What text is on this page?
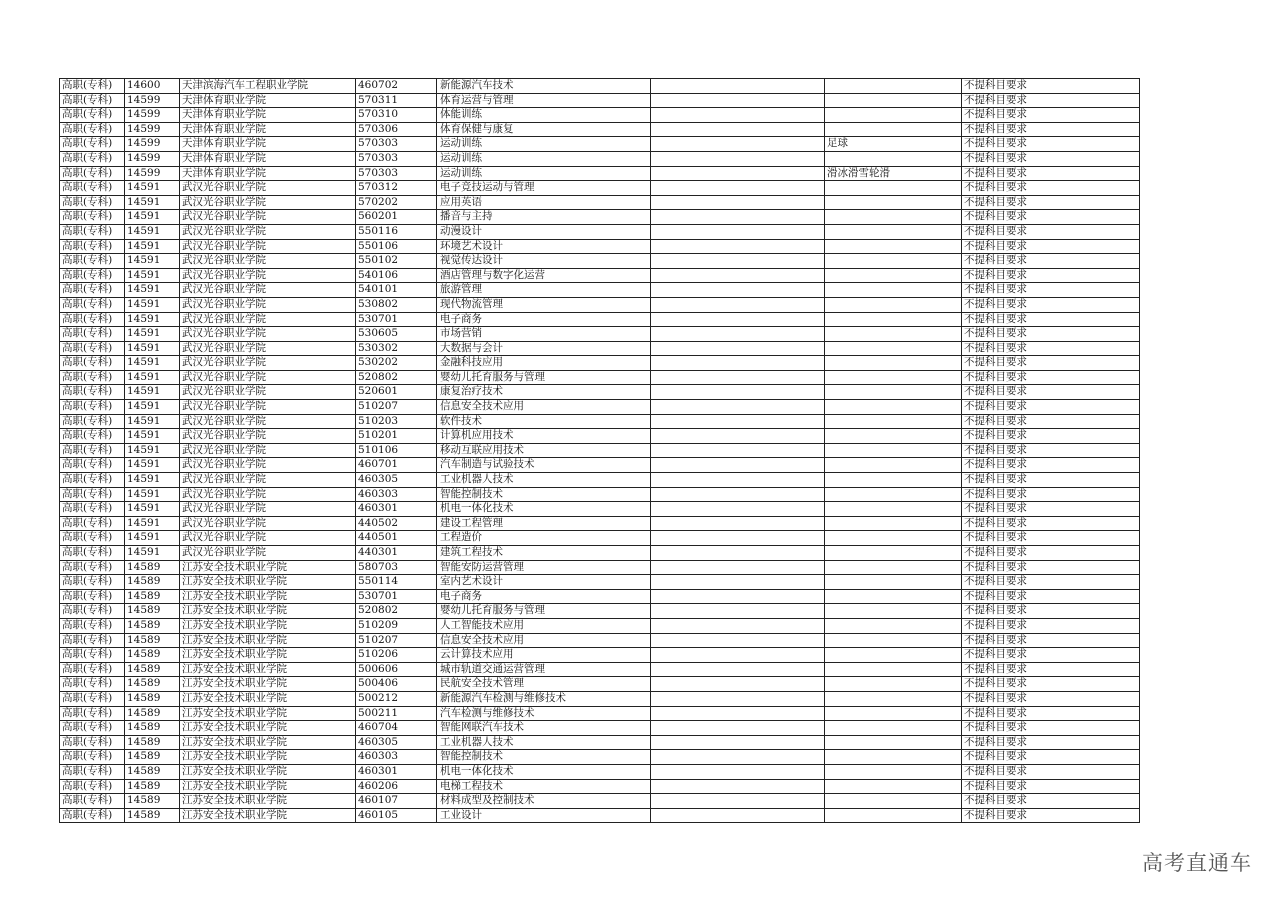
高职(专科)	14600	天津滨海汽车工程职业学院	460702	新能源汽车技术			不提科目要求
高职(专科)	14599	天津体育职业学院	570311	体育运营与管理			不提科目要求
高职(专科)	14599	天津体育职业学院	570310	体能训练			不提科目要求
高职(专科)	14599	天津体育职业学院	570306	体育保健与康复			不提科目要求
高职(专科)	14599	天津体育职业学院	570303	运动训练		足球	不提科目要求
高职(专科)	14599	天津体育职业学院	570303	运动训练			不提科目要求
高职(专科)	14599	天津体育职业学院	570303	运动训练		滑冰滑雪轮滑	不提科目要求
高职(专科)	14591	武汉光谷职业学院	570312	电子竞技运动与管理			不提科目要求
高职(专科)	14591	武汉光谷职业学院	570202	应用英语			不提科目要求
高职(专科)	14591	武汉光谷职业学院	560201	播音与主持			不提科目要求
高职(专科)	14591	武汉光谷职业学院	550116	动漫设计			不提科目要求
高职(专科)	14591	武汉光谷职业学院	550106	环境艺术设计			不提科目要求
高职(专科)	14591	武汉光谷职业学院	550102	视觉传达设计			不提科目要求
高职(专科)	14591	武汉光谷职业学院	540106	酒店管理与数字化运营			不提科目要求
高职(专科)	14591	武汉光谷职业学院	540101	旅游管理			不提科目要求
高职(专科)	14591	武汉光谷职业学院	530802	现代物流管理			不提科目要求
高职(专科)	14591	武汉光谷职业学院	530701	电子商务			不提科目要求
高职(专科)	14591	武汉光谷职业学院	530605	市场营销			不提科目要求
高职(专科)	14591	武汉光谷职业学院	530302	大数据与会计			不提科目要求
高职(专科)	14591	武汉光谷职业学院	530202	金融科技应用			不提科目要求
高职(专科)	14591	武汉光谷职业学院	520802	婴幼儿托育服务与管理			不提科目要求
高职(专科)	14591	武汉光谷职业学院	520601	康复治疗技术			不提科目要求
高职(专科)	14591	武汉光谷职业学院	510207	信息安全技术应用			不提科目要求
高职(专科)	14591	武汉光谷职业学院	510203	软件技术			不提科目要求
高职(专科)	14591	武汉光谷职业学院	510201	计算机应用技术			不提科目要求
高职(专科)	14591	武汉光谷职业学院	510106	移动互联应用技术			不提科目要求
高职(专科)	14591	武汉光谷职业学院	460701	汽车制造与试验技术			不提科目要求
高职(专科)	14591	武汉光谷职业学院	460305	工业机器人技术			不提科目要求
高职(专科)	14591	武汉光谷职业学院	460303	智能控制技术			不提科目要求
高职(专科)	14591	武汉光谷职业学院	460301	机电一体化技术			不提科目要求
高职(专科)	14591	武汉光谷职业学院	440502	建设工程管理			不提科目要求
高职(专科)	14591	武汉光谷职业学院	440501	工程造价			不提科目要求
高职(专科)	14591	武汉光谷职业学院	440301	建筑工程技术			不提科目要求
高职(专科)	14589	江苏安全技术职业学院	580703	智能安防运营管理			不提科目要求
高职(专科)	14589	江苏安全技术职业学院	550114	室内艺术设计			不提科目要求
高职(专科)	14589	江苏安全技术职业学院	530701	电子商务			不提科目要求
高职(专科)	14589	江苏安全技术职业学院	520802	婴幼儿托育服务与管理			不提科目要求
高职(专科)	14589	江苏安全技术职业学院	510209	人工智能技术应用			不提科目要求
高职(专科)	14589	江苏安全技术职业学院	510207	信息安全技术应用			不提科目要求
高职(专科)	14589	江苏安全技术职业学院	510206	云计算技术应用			不提科目要求
高职(专科)	14589	江苏安全技术职业学院	500606	城市轨道交通运营管理			不提科目要求
高职(专科)	14589	江苏安全技术职业学院	500406	民航安全技术管理			不提科目要求
高职(专科)	14589	江苏安全技术职业学院	500212	新能源汽车检测与维修技术			不提科目要求
高职(专科)	14589	江苏安全技术职业学院	500211	汽车检测与维修技术			不提科目要求
高职(专科)	14589	江苏安全技术职业学院	460704	智能网联汽车技术			不提科目要求
高职(专科)	14589	江苏安全技术职业学院	460305	工业机器人技术			不提科目要求
高职(专科)	14589	江苏安全技术职业学院	460303	智能控制技术			不提科目要求
高职(专科)	14589	江苏安全技术职业学院	460301	机电一体化技术			不提科目要求
高职(专科)	14589	江苏安全技术职业学院	460206	电梯工程技术			不提科目要求
高职(专科)	14589	江苏安全技术职业学院	460107	材料成型及控制技术			不提科目要求
高职(专科)	14589	江苏安全技术职业学院	460105	工业设计			不提科目要求
高考直通车
